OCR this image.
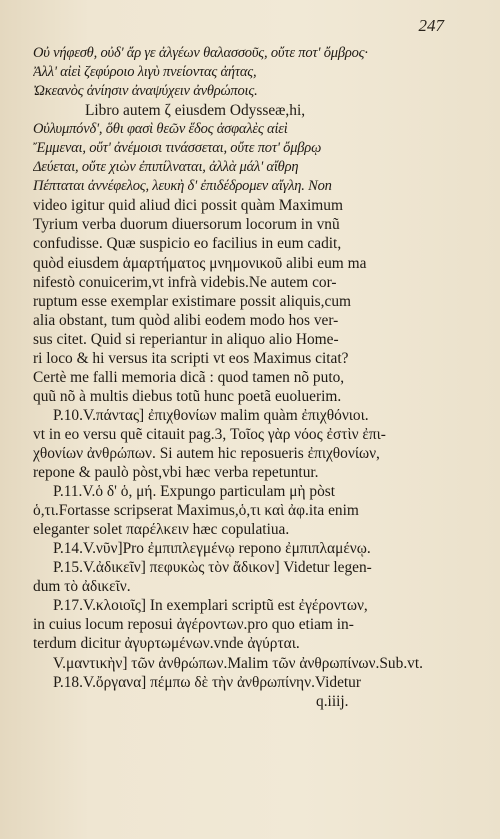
247
Οὐ νήφεσθ, οὐδ' ἄρ γε ἀλγέων θαλασσοῦς, οὔτε ποτ' ὄμβρος·
Ἀλλ' αἰεὶ ζεφύροιο λιγὺ πνείοντας ἀήτας,
Ὠκεανὸς ἀνίησιν ἀναψύχειν ἀνθρώποις.
Libro autem ζ eiusdem Odysseæ,hi,
Οὐλυμπόνδ', ὅθι φασὶ θεῶν ἕδος ἀσφαλὲς αἰεὶ
Ἔμμεναι, οὔτ' ἀνέμοισι τινάσσεται, οὔτε ποτ' ὄμβρῳ
Δεύεται, οὔτε χιὼν ἐπιπίλναται, ἀλλὰ μάλ' αἴθρη
Πέπταται ἀννέφελος, λευκὴ δ' ἐπιδέδρομεν αἴγλη. Non
video igitur quid aliud dici possit quàm Maximum
Tyrium verba duorum diuersorum locorum in vnũ
confudisse. Quæ suspicio eo facilius in eum cadit,
quòd eiusdem ἁμαρτήματος μνημονικοῦ alibi eum ma
nifestò conuicerim,vt infrà videbis.Ne autem cor-
ruptum esse exemplar existimare possit aliquis,cum
alia obstant, tum quòd alibi eodem modo hos ver-
sus citet. Quid si reperiantur in aliquo alio Home-
ri loco & hi versus ita scripti vt eos Maximus citat?
Certè me falli memoria dicã : quod tamen nõ puto,
quũ nõ à multis diebus totũ hunc poetã euoluerim.
P.10.V.πάντας] ἐπιχθονίων malim quàm ἐπιχθόνιοι.
vt in eo versu quẽ citauit pag.3, Τοῖος γὰρ νόος ἐστὶν ἐπι-
χθονίων ἀνθρώπων. Si autem hic reposueris ἐπιχθονίων,
repone & paulò pòst,vbi hæc verba repetuntur.
P.11.V.ὁ δ' ὁ, μή. Expungo particulam μὴ pòst
ὁ,τι.Fortasse scripserat Maximus,ὁ,τι καὶ ἀφ.ita enim
eleganter solet παρέλκειν hæc copulatiua.
P.14.V.νῦν]Pro ἐμπιπλεγμένῳ repono ἐμπιπλαμένῳ.
P.15.V.ἀδικεῖν] πεφυκὼς τὸν ἄδικον] Videtur legen-
dum τὸ ἀδικεῖν.
P.17.V.κλοιοῖς] In exemplari scriptũ est ἐγέροντων,
in cuius locum reposui ἀγέροντων.pro quo etiam in-
terdum dicitur ἀγυρτωμένων.vnde ἀγύρται.
V.μαντικὴν] τῶν ἀνθρώπων.Malim τῶν ἀνθρωπίνων.Sub.vt.
P.18.V.ὄργανα] πέμπω δὲ τὴν ἀνθρωπίνην.Videtur
q.iiij.
